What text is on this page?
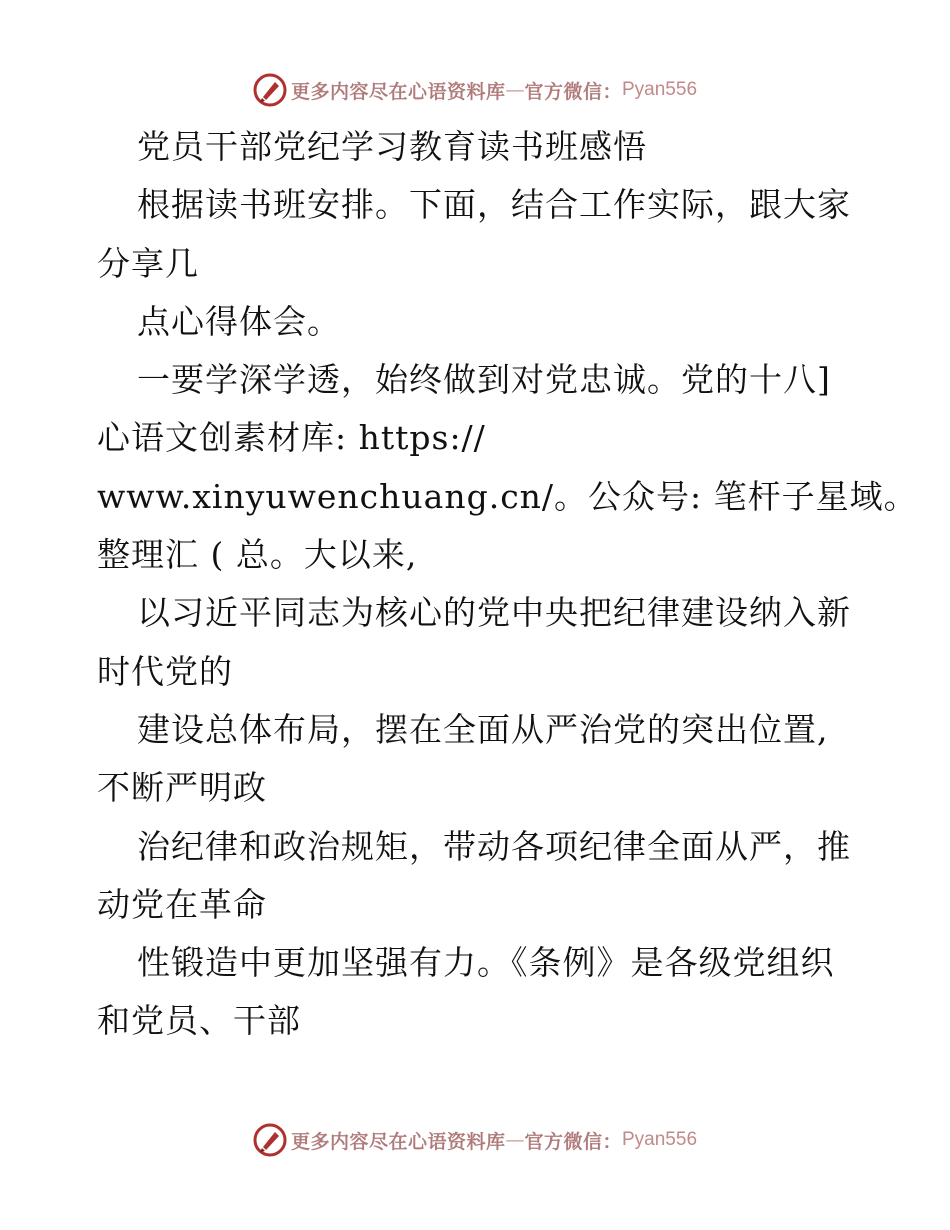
更多内容尽在心语资料库 — 官方微信： Pyan556
党员干部党纪学习教育读书班感悟
根据读书班安排。下面，结合工作实际，跟大家
分享几
点心得体会。
一要学深学透，始终做到对党忠诚。党的十八]
心语文创素材库: https://
www.xinyuwenchuang.cn/。公众号: 笔杆子星域。
整理汇 ( 总。大以来,
以习近平同志为核心的党中央把纪律建设纳入新
时代党的
建设总体布局，摆在全面从严治党的突出位置,
不断严明政
治纪律和政治规矩，带动各项纪律全面从严，推
动党在革命
性锻造中更加坚强有力。《条例》是各级党组织
和党员、干部
更多内容尽在心语资料库 — 官方微信： Pyan556
